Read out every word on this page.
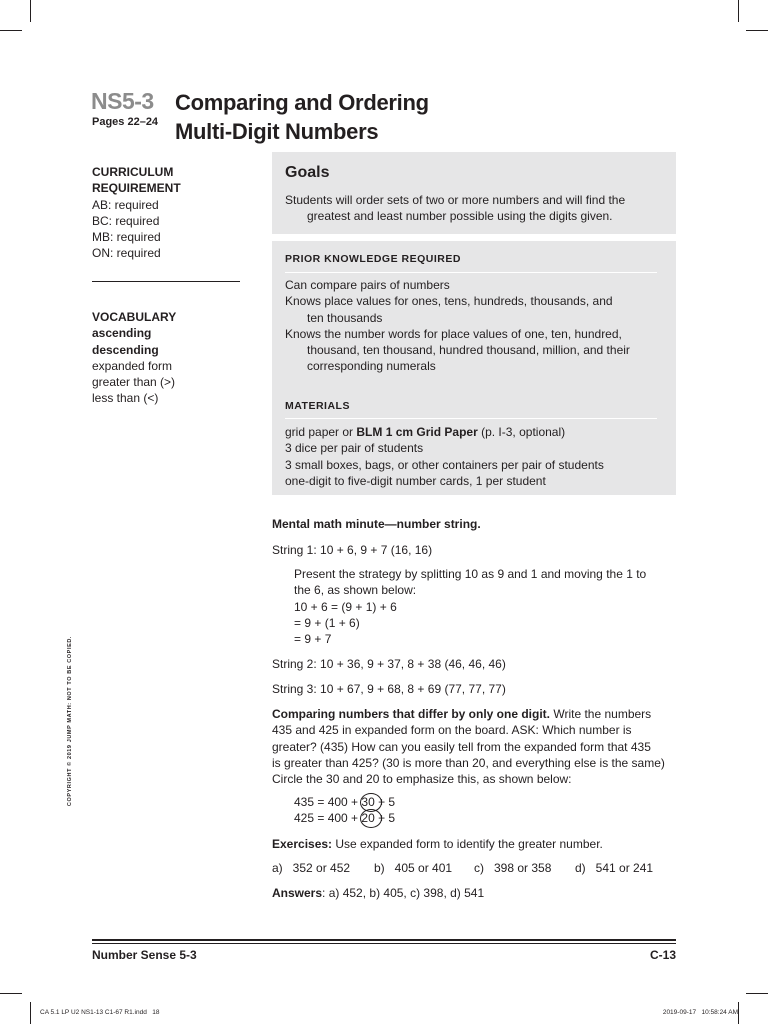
NS5-3
Pages 22–24
Comparing and Ordering
Multi-Digit Numbers
CURRICULUM
REQUIREMENT
AB: required
BC: required
MB: required
ON: required
VOCABULARY
ascending
descending
expanded form
greater than (>)
less than (<)
Goals
Students will order sets of two or more numbers and will find the
greatest and least number possible using the digits given.
PRIOR KNOWLEDGE REQUIRED
Can compare pairs of numbers
Knows place values for ones, tens, hundreds, thousands, and
ten thousands
Knows the number words for place values of one, ten, hundred,
thousand, ten thousand, hundred thousand, million, and their
corresponding numerals
MATERIALS
grid paper or BLM 1 cm Grid Paper (p. I-3, optional)
3 dice per pair of students
3 small boxes, bags, or other containers per pair of students
one-digit to five-digit number cards, 1 per student
Mental math minute—number string.
String 1: 10 + 6, 9 + 7 (16, 16)
Present the strategy by splitting 10 as 9 and 1 and moving the 1 to
the 6, as shown below:
10 + 6 = (9 + 1) + 6
= 9 + (1 + 6)
= 9 + 7
String 2: 10 + 36, 9 + 37, 8 + 38 (46, 46, 46)
String 3: 10 + 67, 9 + 68, 8 + 69 (77, 77, 77)
Comparing numbers that differ by only one digit. Write the numbers
435 and 425 in expanded form on the board. ASK: Which number is
greater? (435) How can you easily tell from the expanded form that 435
is greater than 425? (30 is more than 20, and everything else is the same)
Circle the 30 and 20 to emphasize this, as shown below:
435 = 400 + 30 + 5
425 = 400 + 20 + 5
Exercises: Use expanded form to identify the greater number.
a)   352 or 452	b)   405 or 401	c)   398 or 358	d)   541 or 241
Answers: a) 452, b) 405, c) 398, d) 541
COPYRIGHT © 2019 JUMP MATH: NOT TO BE COPIED.
Number Sense 5-3	C-13
CA 5.1 LP U2 NS1-13 C1-67 R1.indd   18	2019-09-17   10:58:24 AM
